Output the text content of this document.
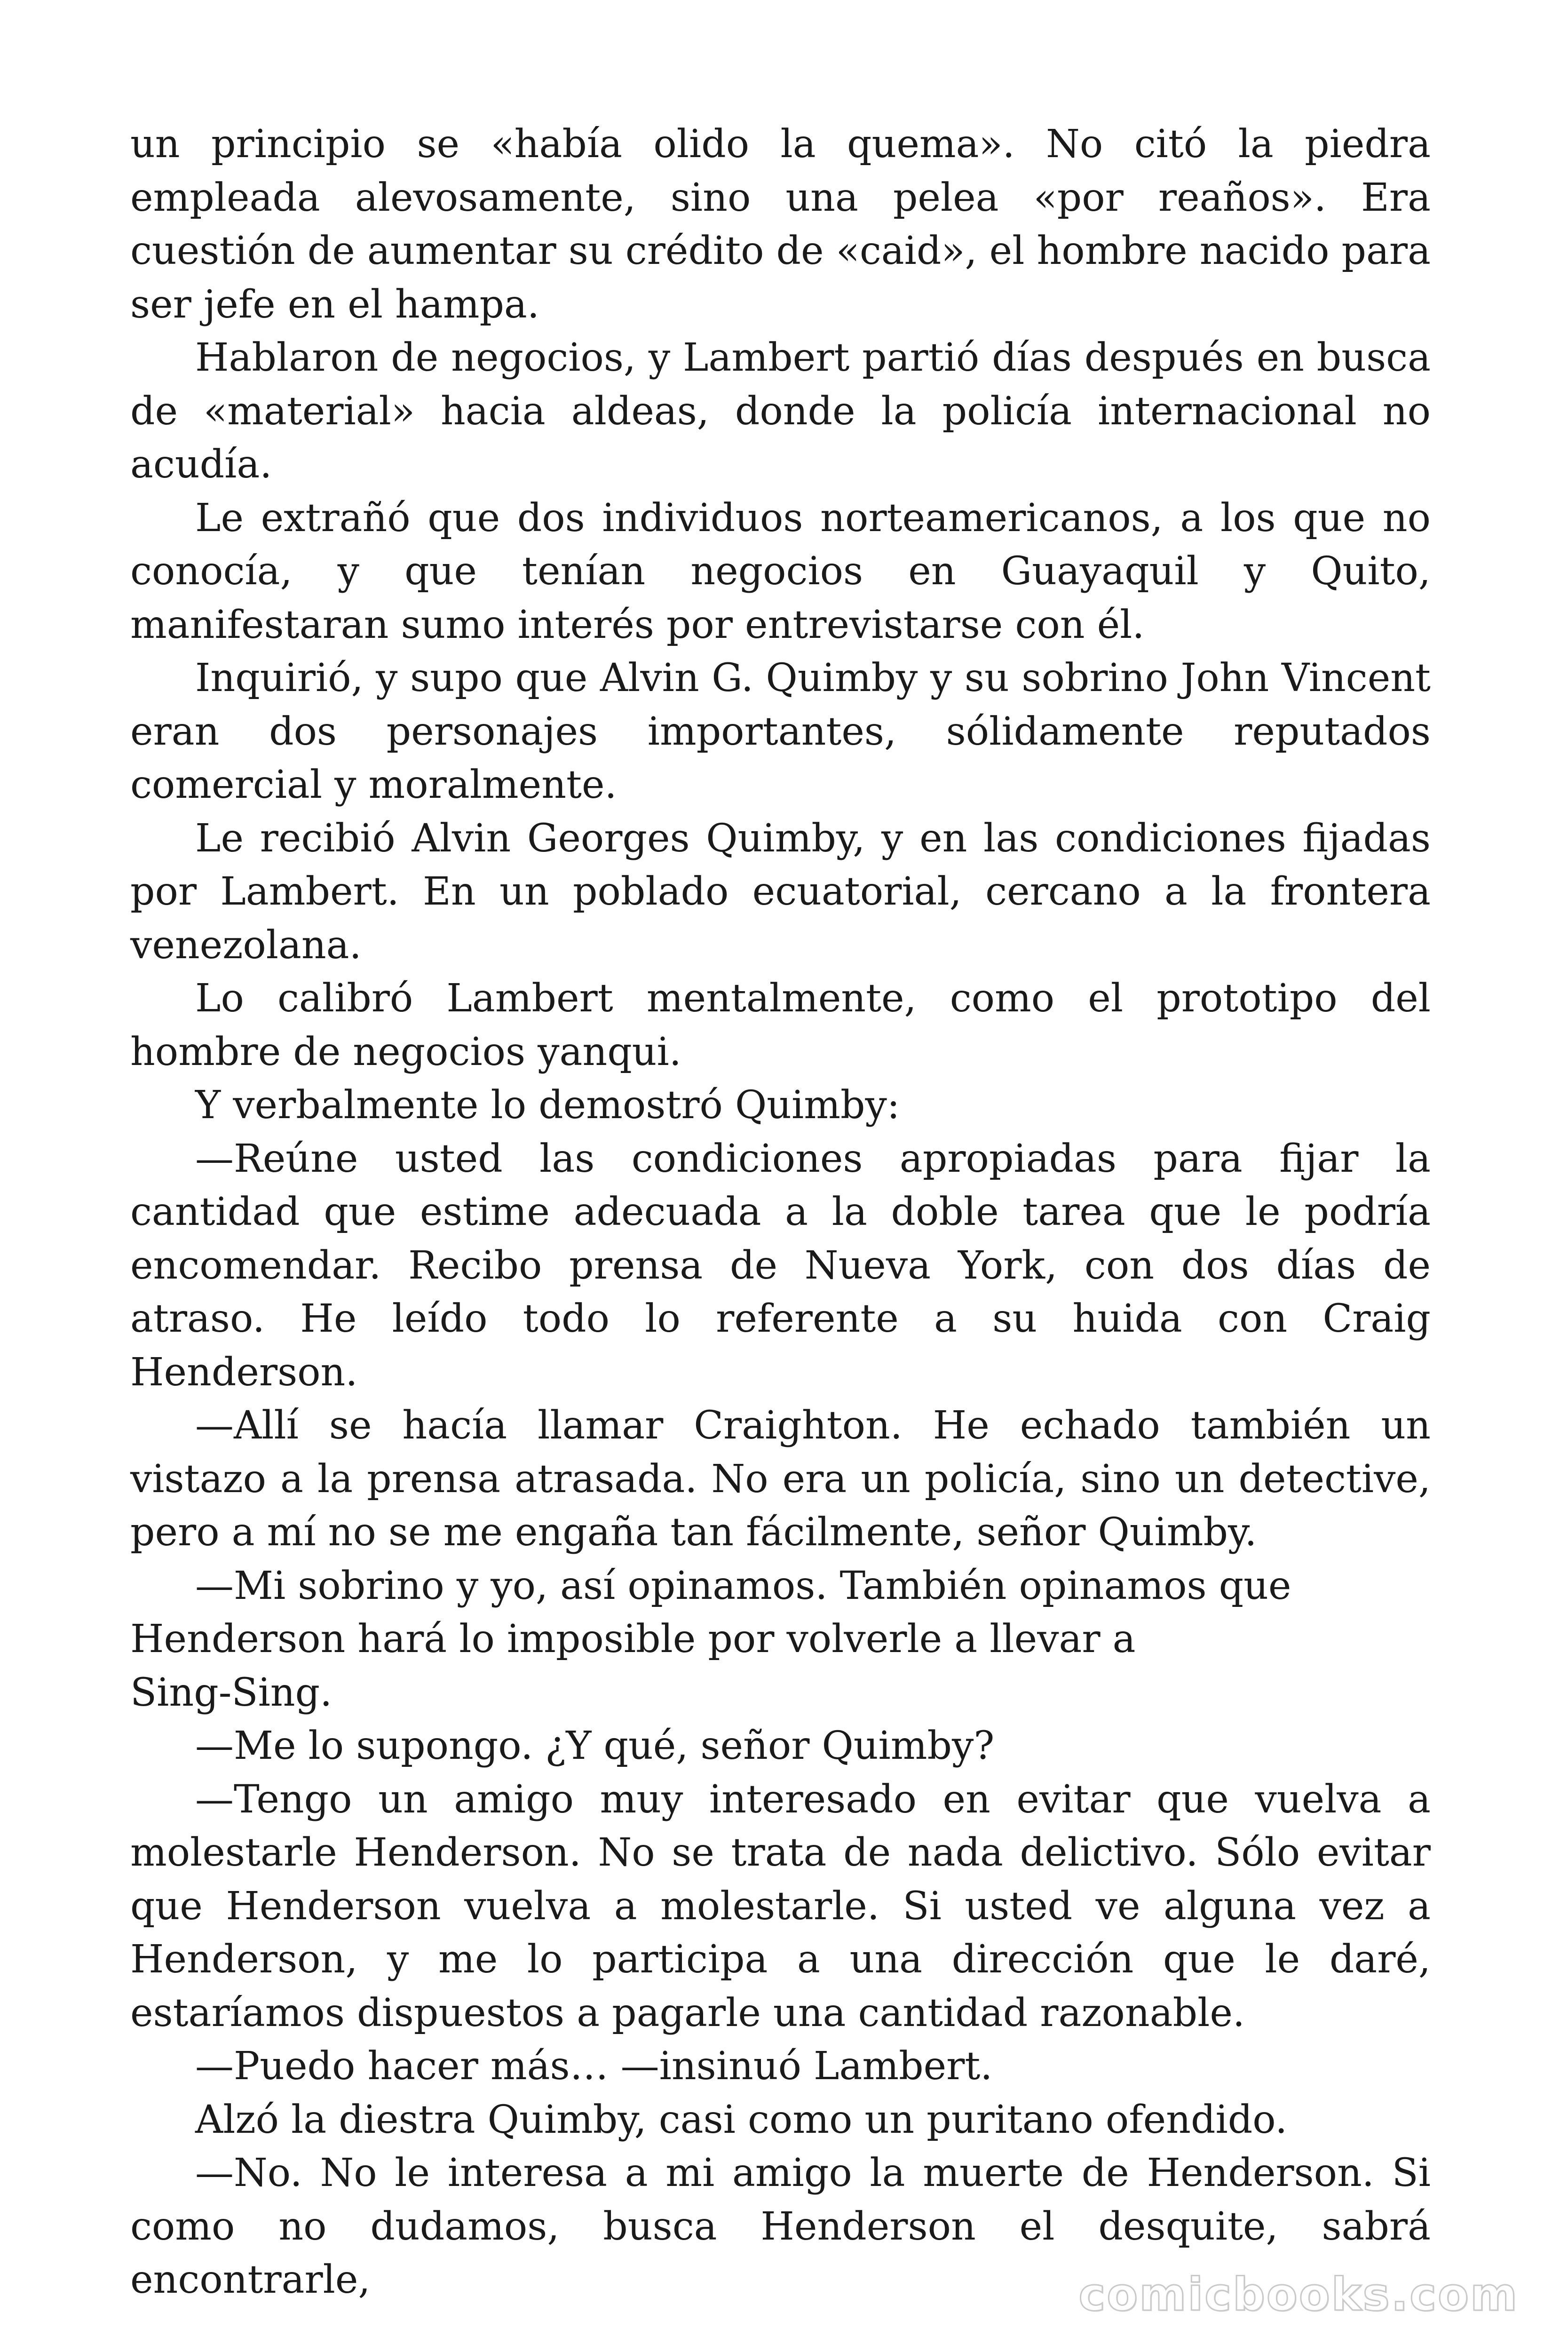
un principio se «había olido la quema». No citó la piedra empleada alevosamente, sino una pelea «por reaños». Era cuestión de aumentar su crédito de «caid», el hombre nacido para ser jefe en el hampa.

Hablaron de negocios, y Lambert partió días después en busca de «material» hacia aldeas, donde la policía internacional no acudía.

Le extrañó que dos individuos norteamericanos, a los que no conocía, y que tenían negocios en Guayaquil y Quito, manifestaran sumo interés por entrevistarse con él.

Inquirió, y supo que Alvin G. Quimby y su sobrino John Vincent eran dos personajes importantes, sólidamente reputados comercial y moralmente.

Le recibió Alvin Georges Quimby, y en las condiciones fijadas por Lambert. En un poblado ecuatorial, cercano a la frontera venezolana.

Lo calibró Lambert mentalmente, como el prototipo del hombre de negocios yanqui.

Y verbalmente lo demostró Quimby:

—Reúne usted las condiciones apropiadas para fijar la cantidad que estime adecuada a la doble tarea que le podría encomendar. Recibo prensa de Nueva York, con dos días de atraso. He leído todo lo referente a su huida con Craig Henderson.

—Allí se hacía llamar Craighton. He echado también un vistazo a la prensa atrasada. No era un policía, sino un detective, pero a mí no se me engaña tan fácilmente, señor Quimby.

—Mi sobrino y yo, así opinamos. También opinamos que Henderson hará lo imposible por volverle a llevar a

Sing-Sing.

—Me lo supongo. ¿Y qué, señor Quimby?

—Tengo un amigo muy interesado en evitar que vuelva a molestarle Henderson. No se trata de nada delictivo. Sólo evitar que Henderson vuelva a molestarle. Si usted ve alguna vez a Henderson, y me lo participa a una dirección que le daré, estaríamos dispuestos a pagarle una cantidad razonable.

—Puedo hacer más… —insinuó Lambert.

Alzó la diestra Quimby, casi como un puritano ofendido.

—No. No le interesa a mi amigo la muerte de Henderson. Si como no dudamos, busca Henderson el desquite, sabrá encontrarle,	comicbooks.com
